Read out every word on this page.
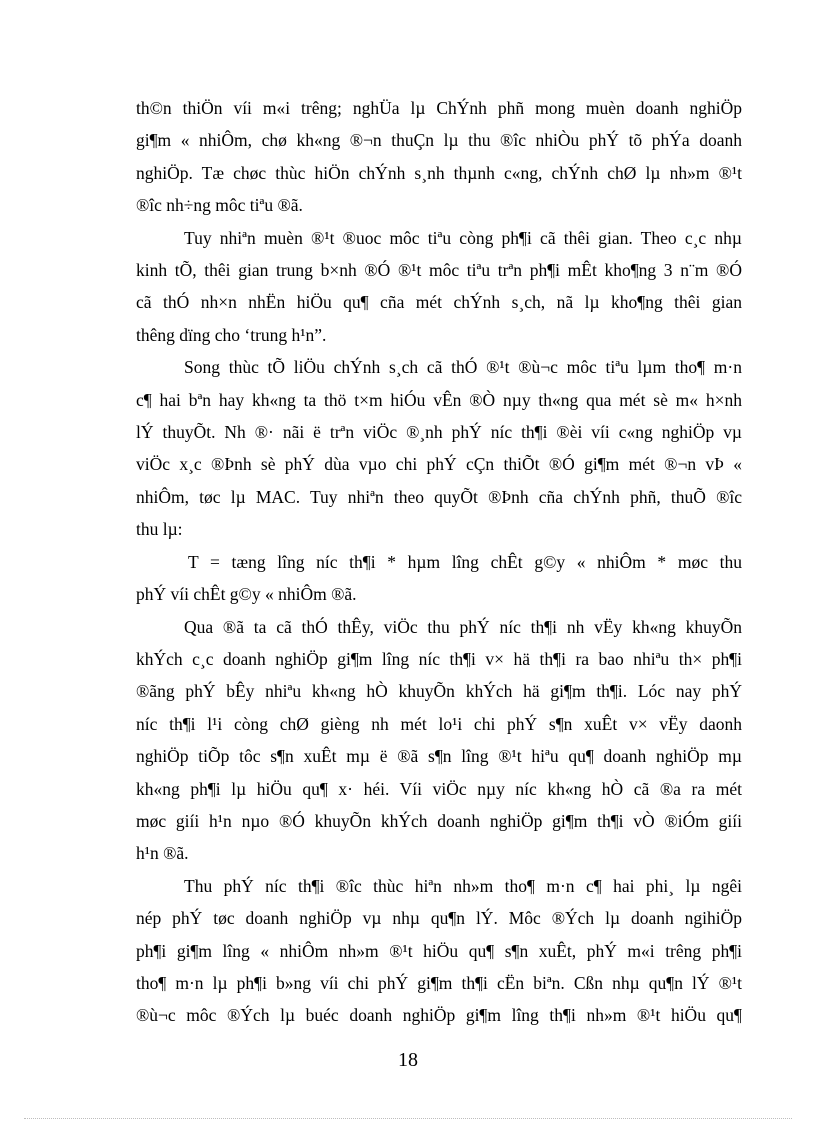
th©n thiÖn víi m«i trêng; nghÜa lµ ChÝnh phñ mong muèn doanh nghiÖp
gi¶m « nhiÔm, chø kh«ng ®¬n thuÇn lµ thu ®îc nhiÒu phÝ tõ phÝa doanh
nghiÖp. Tæ chøc thùc hiÖn chÝnh s¸nh thµnh c«ng, chÝnh chØ lµ nh»m ®¹t
®îc nh÷ng môc tiªu ®ã.

Tuy nhiªn muèn ®¹t ®uoc môc tiªu còng ph¶i cã thêi gian. Theo c¸c nhµ
kinh tÕ, thêi gian trung b×nh ®Ó ®¹t môc tiªu trªn ph¶i mÊt kho¶ng 3 n¨m ®Ó
cã thÓ nh×n nhËn hiÖu qu¶ cña mét chÝnh s¸ch, nã lµ kho¶ng thêi gian
thêng dïng cho ‘trung h¹n”.

Song thùc tÕ liÖu chÝnh s¸ch cã thÓ ®¹t ®ù¬c môc tiªu lµm tho¶ m·n
c¶ hai bªn hay kh«ng ta thö t×m hiÓu vÊn ®Ò nµy th«ng qua mét sè m« h×nh
lÝ thuyÕt. Nh ®· nãi ë trªn viÖc ®¸nh phÝ níc th¶i ®èi víi c«ng nghiÖp vµ
viÖc x¸c ®Þnh sè phÝ dùa vµo chi phÝ cÇn thiÕt ®Ó gi¶m mét ®¬n vÞ «
nhiÔm, tøc lµ MAC. Tuy nhiªn theo quyÕt ®Þnh cña chÝnh phñ, thuÕ ®îc
thu lµ:

T = tæng lîng níc th¶i * hµm lîng chÊt g©y « nhiÔm * møc thu
phÝ víi chÊt g©y « nhiÔm ®ã.

Qua ®ã ta cã thÓ thÊy, viÖc thu phÝ níc th¶i nh vËy kh«ng khuyÕn
khÝch c¸c doanh nghiÖp gi¶m lîng níc th¶i v× hä th¶i ra bao nhiªu th× ph¶i
®ãng phÝ bÊy nhiªu kh«ng hÒ khuyÕn khÝch hä gi¶m th¶i. Lóc nay phÝ
níc th¶i l¹i còng chØ gièng nh mét lo¹i chi phÝ s¶n xuÊt v× vËy daonh
nghiÖp tiÕp tôc s¶n xuÊt mµ ë ®ã s¶n lîng ®¹t hiªu qu¶ doanh nghiÖp mµ
kh«ng ph¶i lµ hiÖu qu¶ x· héi. Víi viÖc nµy níc kh«ng hÒ cã ®a ra mét
møc giíi h¹n nµo ®Ó khuyÕn khÝch doanh nghiÖp gi¶m th¶i vÒ ®iÓm giíi
h¹n ®ã.

Thu phÝ níc th¶i ®îc thùc hiªn nh»m tho¶ m·n c¶ hai phi¸ lµ ngêi
nép phÝ tøc doanh nghiÖp vµ nhµ qu¶n lÝ. Môc ®Ých lµ doanh ngihiÖp
ph¶i gi¶m lîng « nhiÔm nh»m ®¹t hiÖu qu¶ s¶n xuÊt, phÝ m«i trêng ph¶i
tho¶ m·n lµ ph¶i b»ng víi chi phÝ gi¶m th¶i cËn biªn. Cßn nhµ qu¶n lÝ ®¹t
®ù¬c môc ®Ých lµ buéc doanh nghiÖp gi¶m lîng th¶i nh»m ®¹t hiÖu qu¶

18
